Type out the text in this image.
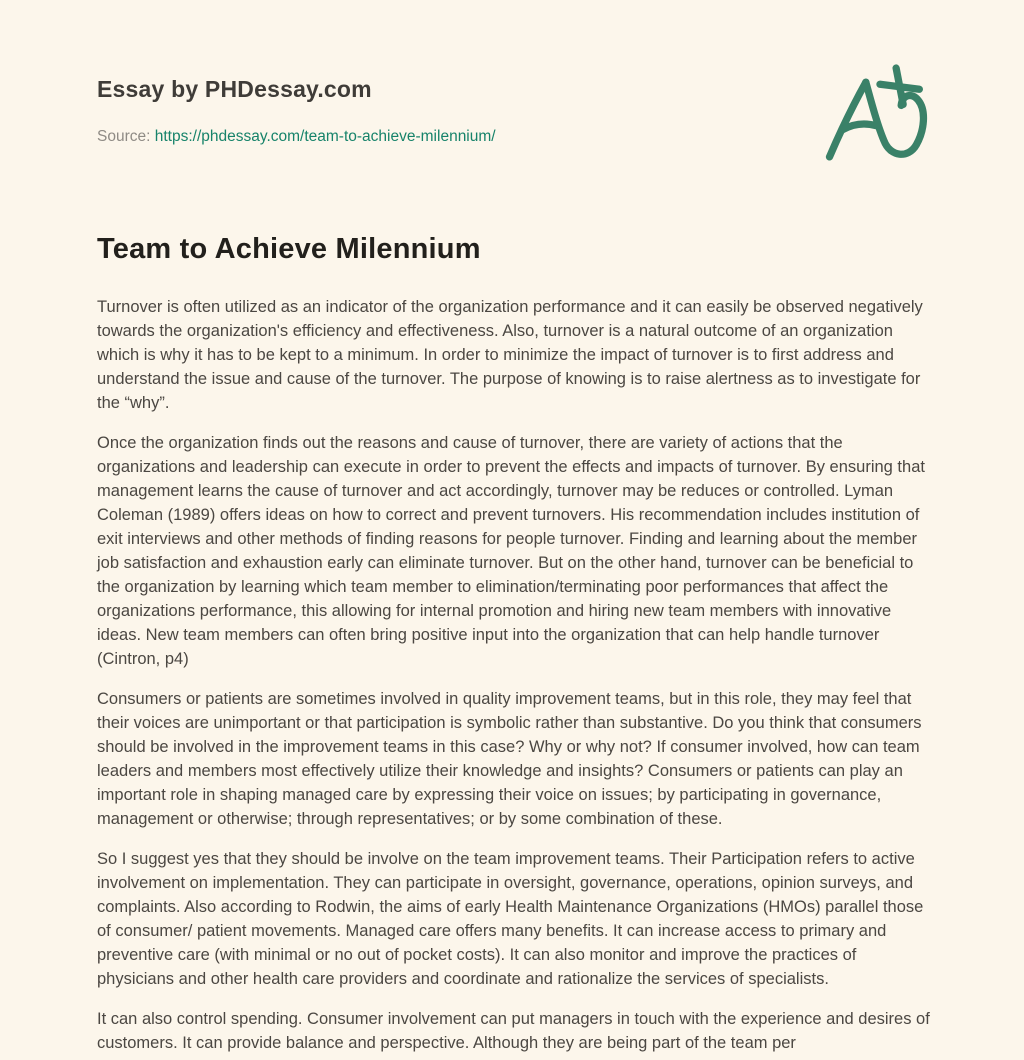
Essay by PHDessay.com
Source: https://phdessay.com/team-to-achieve-milennium/
Team to Achieve Milennium

Turnover is often utilized as an indicator of the organization performance and it can easily be observed negatively towards the organization's efficiency and effectiveness. Also, turnover is a natural outcome of an organization which is why it has to be kept to a minimum. In order to minimize the impact of turnover is to first address and understand the issue and cause of the turnover. The purpose of knowing is to raise alertness as to investigate for the “why”.

Once the organization finds out the reasons and cause of turnover, there are variety of actions that the organizations and leadership can execute in order to prevent the effects and impacts of turnover. By ensuring that management learns the cause of turnover and act accordingly, turnover may be reduces or controlled. Lyman Coleman (1989) offers ideas on how to correct and prevent turnovers. His recommendation includes institution of exit interviews and other methods of finding reasons for people turnover. Finding and learning about the member job satisfaction and exhaustion early can eliminate turnover. But on the other hand, turnover can be beneficial to the organization by learning which team member to elimination/terminating poor performances that affect the organizations performance, this allowing for internal promotion and hiring new team members with innovative ideas. New team members can often bring positive input into the organization that can help handle turnover (Cintron, p4)

Consumers or patients are sometimes involved in quality improvement teams, but in this role, they may feel that their voices are unimportant or that participation is symbolic rather than substantive. Do you think that consumers should be involved in the improvement teams in this case? Why or why not? If consumer involved, how can team leaders and members most effectively utilize their knowledge and insights? Consumers or patients can play an important role in shaping managed care by expressing their voice on issues; by participating in governance, management or otherwise; through representatives; or by some combination of these.

So I suggest yes that they should be involve on the team improvement teams. Their Participation refers to active involvement on implementation. They can participate in oversight, governance, operations, opinion surveys, and complaints. Also according to Rodwin, the aims of early Health Maintenance Organizations (HMOs) parallel those of consumer/ patient movements. Managed care offers many benefits. It can increase access to primary and preventive care (with minimal or no out of pocket costs). It can also monitor and improve the practices of physicians and other health care providers and coordinate and rationalize the services of specialists.

It can also control spending. Consumer involvement can put managers in touch with the experience and desires of customers. It can provide balance and perspective. Although they are being part of the team per
